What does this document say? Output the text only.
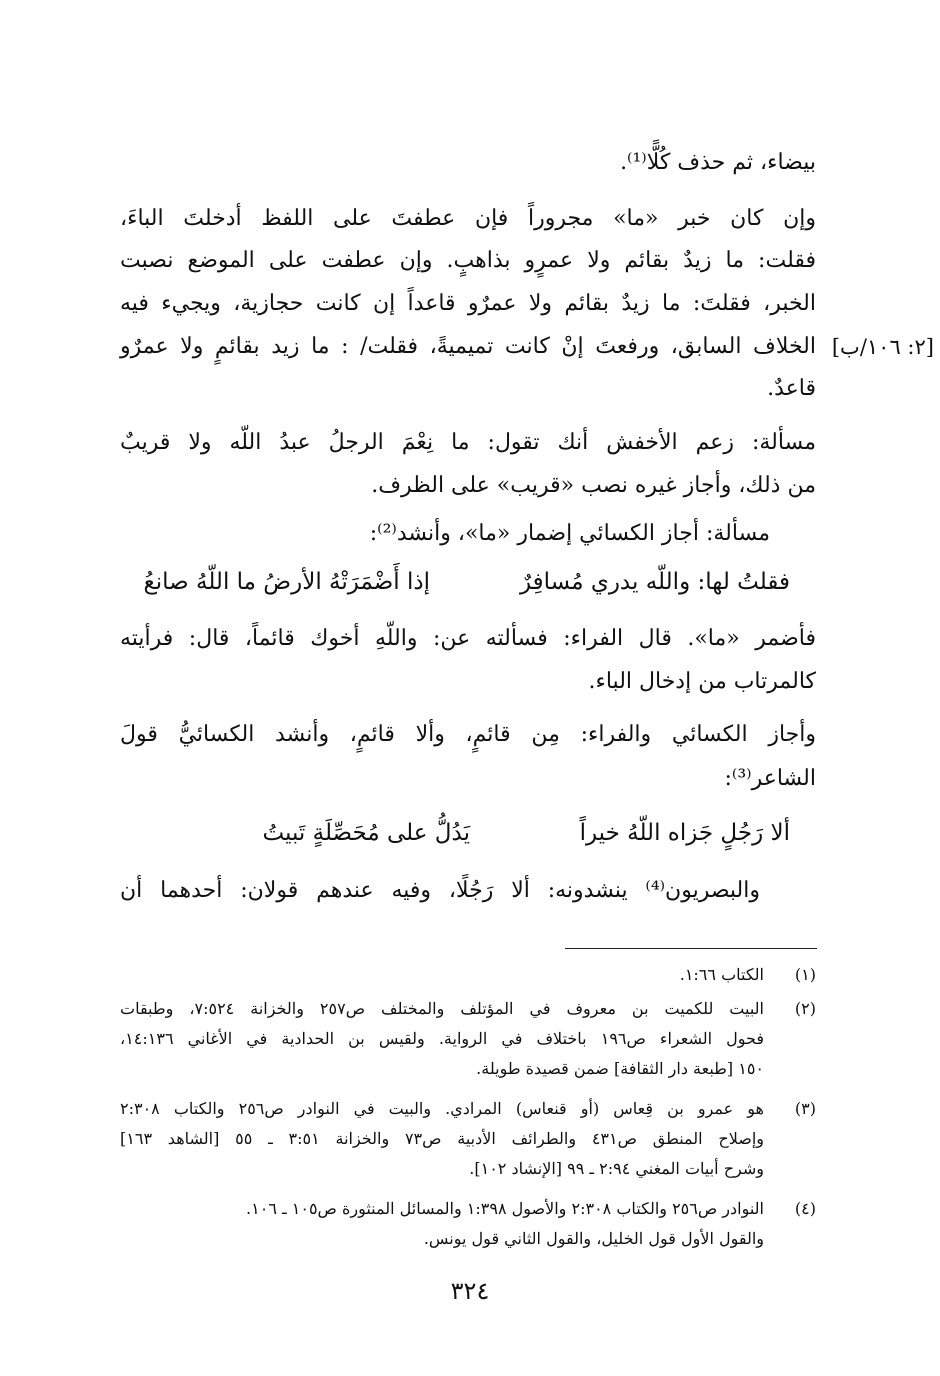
بيضاء، ثم حذف كُلًّا⁽¹⁾.
وإن كان خبر «ما» مجروراً فإن عطفتَ على اللفظ أدخلتَ الباءَ،
فقلت: ما زيدٌ بقائم ولا عمرٍو بذاهبٍ. وإن عطفت على الموضع نصبت
الخبر، فقلتَ: ما زيدٌ بقائم ولا عمرٌو قاعداً إن كانت حجازية، ويجيء فيه
الخلاف السابق، ورفعتَ إنْ كانت تميميةً، فقلت/ : ما زيد بقائمٍ ولا عمرٌو
قاعدٌ.
[٢: ١٠٦/ب]
مسألة: زعم الأخفش أنك تقول: ما نِعْمَ الرجلُ عبدُ اللّه ولا قريبٌ
من ذلك، وأجاز غيره نصب «قريب» على الظرف.
مسألة: أجاز الكسائي إضمار «ما»، وأنشد⁽²⁾:
فقلتُ لها: واللّه يدري مُسافِرٌ
إذا أَضْمَرَتْهُ الأرضُ ما اللّهُ صانعُ
فأضمر «ما». قال الفراء: فسألته عن: واللّهِ أخوك قائماً، قال: فرأيته
كالمرتاب من إدخال الباء.
وأجاز الكسائي والفراء: مِن قائمٍ، وألا قائمٍ، وأنشد الكسائيُّ قولَ
الشاعر⁽³⁾:
ألا رَجُلٍ جَزاه اللّهُ خيراً
يَدُلُّ على مُحَصِّلَةٍ تَبيتُ
والبصريون⁽⁴⁾ ينشدونه: ألا رَجُلًا، وفيه عندهم قولان: أحدهما أن
(١)
الكتاب ١:٦٦.
(٢)
البيت للكميت بن معروف في المؤتلف والمختلف ص٢٥٧ والخزانة ٧:٥٢٤، وطبقات
فحول الشعراء ص١٩٦ باختلاف في الرواية. ولقيس بن الحدادية في الأغاني ١٤:١٣٦،
١٥٠ [طبعة دار الثقافة] ضمن قصيدة طويلة.
(٣)
هو عمرو بن قِعاس (أو قنعاس) المرادي. والبيت في النوادر ص٢٥٦ والكتاب ٢:٣٠٨
وإصلاح المنطق ص٤٣١ والطرائف الأدبية ص٧٣ والخزانة ٣:٥١ ـ ٥٥ [الشاهد ١٦٣]
وشرح أبيات المغني ٢:٩٤ ـ ٩٩ [الإنشاد ١٠٢].
(٤)
النوادر ص٢٥٦ والكتاب ٢:٣٠٨ والأصول ١:٣٩٨ والمسائل المنثورة ص١٠٥ ـ ١٠٦.
والقول الأول قول الخليل، والقول الثاني قول يونس.
٣٢٤
